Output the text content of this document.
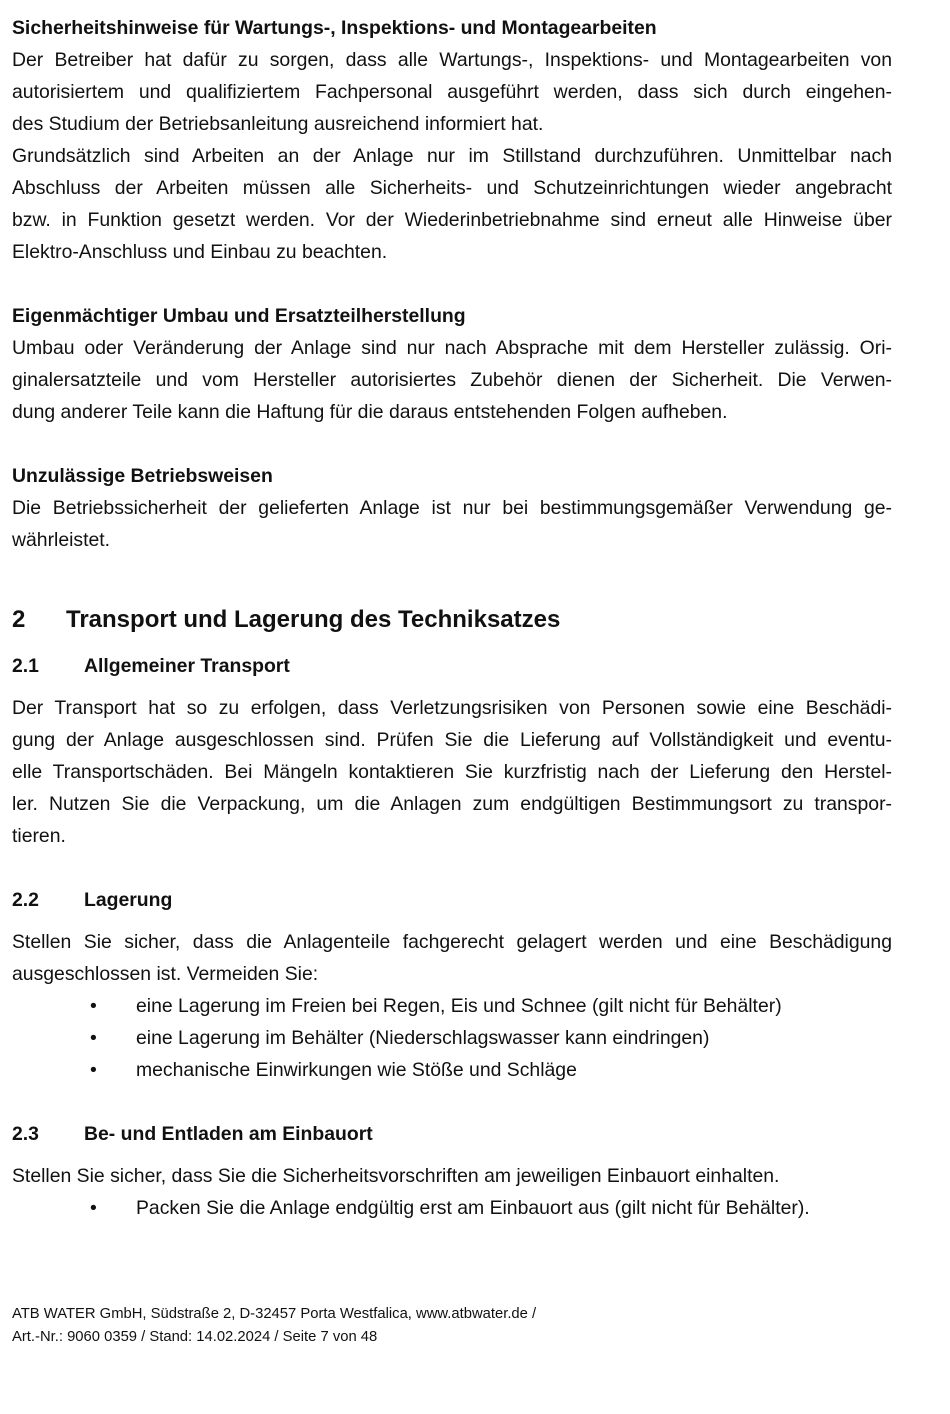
Sicherheitshinweise für Wartungs-, Inspektions- und Montagearbeiten
Der Betreiber hat dafür zu sorgen, dass alle Wartungs-, Inspektions- und Montagearbeiten von
autorisiertem und qualifiziertem Fachpersonal ausgeführt werden, dass sich durch eingehen-
des Studium der Betriebsanleitung ausreichend informiert hat.
Grundsätzlich sind Arbeiten an der Anlage nur im Stillstand durchzuführen. Unmittelbar nach
Abschluss der Arbeiten müssen alle Sicherheits- und Schutzeinrichtungen wieder angebracht
bzw. in Funktion gesetzt werden. Vor der Wiederinbetriebnahme sind erneut alle Hinweise über
Elektro-Anschluss und Einbau zu beachten.
Eigenmächtiger Umbau und Ersatzteilherstellung
Umbau oder Veränderung der Anlage sind nur nach Absprache mit dem Hersteller zulässig. Ori-
ginalersatzteile und vom Hersteller autorisiertes Zubehör dienen der Sicherheit. Die Verwen-
dung anderer Teile kann die Haftung für die daraus entstehenden Folgen aufheben.
Unzulässige Betriebsweisen
Die Betriebssicherheit der gelieferten Anlage ist nur bei bestimmungsgemäßer Verwendung ge-
währleistet.
2	Transport und Lagerung des Techniksatzes
2.1	Allgemeiner Transport
Der Transport hat so zu erfolgen, dass Verletzungsrisiken von Personen sowie eine Beschädi-
gung der Anlage ausgeschlossen sind. Prüfen Sie die Lieferung auf Vollständigkeit und eventu-
elle Transportschäden. Bei Mängeln kontaktieren Sie kurzfristig nach der Lieferung den Herstel-
ler. Nutzen Sie die Verpackung, um die Anlagen zum endgültigen Bestimmungsort zu transpor-
tieren.
2.2	Lagerung
Stellen Sie sicher, dass die Anlagenteile fachgerecht gelagert werden und eine Beschädigung
ausgeschlossen ist. Vermeiden Sie:
• eine Lagerung im Freien bei Regen, Eis und Schnee (gilt nicht für Behälter)
• eine Lagerung im Behälter (Niederschlagswasser kann eindringen)
• mechanische Einwirkungen wie Stöße und Schläge
2.3	Be- und Entladen am Einbauort
Stellen Sie sicher, dass Sie die Sicherheitsvorschriften am jeweiligen Einbauort einhalten.
• Packen Sie die Anlage endgültig erst am Einbauort aus (gilt nicht für Behälter).
ATB WATER GmbH, Südstraße 2, D-32457 Porta Westfalica, www.atbwater.de /
Art.-Nr.: 9060 0359 / Stand: 14.02.2024 / Seite 7 von 48
